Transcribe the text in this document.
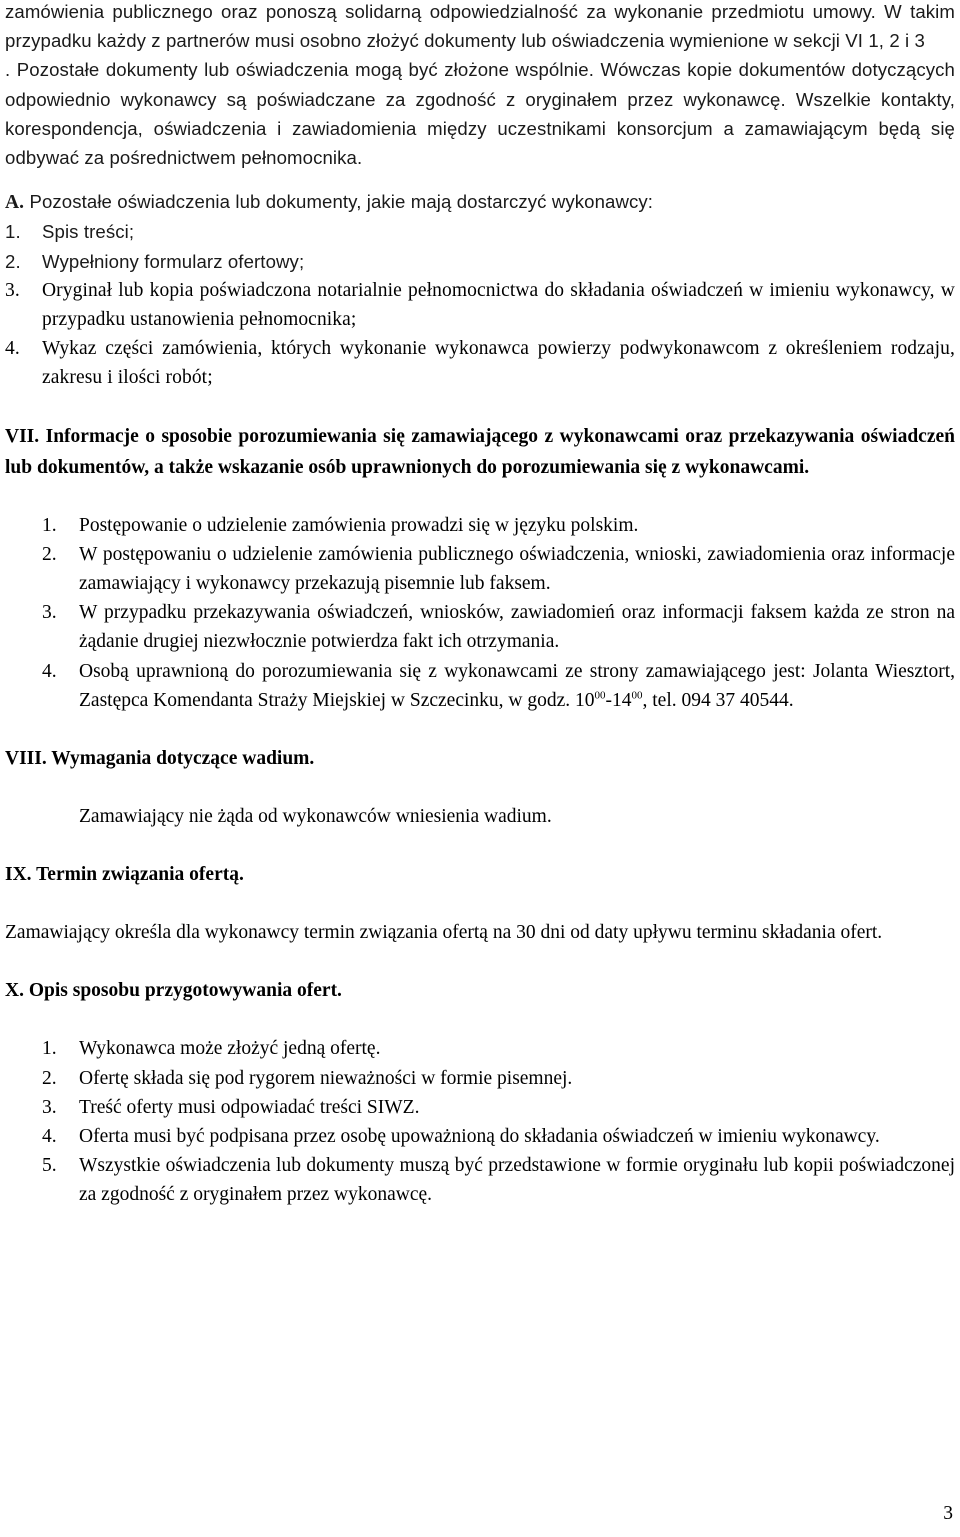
zamówienia publicznego oraz ponoszą solidarną odpowiedzialność za wykonanie przedmiotu umowy. W takim przypadku każdy z partnerów musi osobno złożyć dokumenty lub oświadczenia wymienione w sekcji VI 1, 2 i 3
. Pozostałe dokumenty lub oświadczenia mogą być złożone wspólnie. Wówczas kopie dokumentów dotyczących odpowiednio wykonawcy są poświadczane za zgodność z oryginałem przez wykonawcę. Wszelkie kontakty, korespondencja, oświadczenia i zawiadomienia między uczestnikami konsorcjum a zamawiającym będą się odbywać za pośrednictwem pełnomocnika.

A. Pozostałe oświadczenia lub dokumenty, jakie mają dostarczyć wykonawcy:

1.	Spis treści;
2.	Wypełniony formularz ofertowy;
3.	Oryginał lub kopia poświadczona notarialnie pełnomocnictwa do składania oświadczeń w imieniu wykonawcy, w przypadku ustanowienia pełnomocnika;
4.	Wykaz części zamówienia, których wykonanie wykonawca powierzy podwykonawcom z określeniem rodzaju, zakresu i ilości robót;

VII. Informacje o sposobie porozumiewania się zamawiającego z wykonawcami oraz przekazywania oświadczeń lub dokumentów, a także wskazanie osób uprawnionych do porozumiewania się z wykonawcami.

1.	Postępowanie o udzielenie zamówienia prowadzi się w języku polskim.
2.	W postępowaniu o udzielenie zamówienia publicznego oświadczenia, wnioski, zawiadomienia oraz informacje zamawiający i wykonawcy przekazują pisemnie lub faksem.
3.	W przypadku przekazywania oświadczeń, wniosków, zawiadomień oraz informacji faksem każda ze stron na żądanie drugiej niezwłocznie potwierdza fakt ich otrzymania.
4.	Osobą uprawnioną do porozumiewania się z wykonawcami ze strony zamawiającego jest: Jolanta Wiesztort, Zastępca Komendanta Straży Miejskiej w Szczecinku, w godz. $10^{00}-14^{00}$, tel. 094 37 40544.

VIII. Wymagania dotyczące wadium.

Zamawiający nie żąda od wykonawców wniesienia wadium.

IX. Termin związania ofertą.

Zamawiający określa dla wykonawcy termin związania ofertą na 30 dni od daty upływu terminu składania ofert.

X. Opis sposobu przygotowywania ofert.

1.	Wykonawca może złożyć jedną ofertę.
2.	Ofertę składa się pod rygorem nieważności w formie pisemnej.
3.	Treść oferty musi odpowiadać treści SIWZ.
4.	Oferta musi być podpisana przez osobę upoważnioną do składania oświadczeń w imieniu wykonawcy.
5.	Wszystkie oświadczenia lub dokumenty muszą być przedstawione w formie oryginału lub kopii poświadczonej za zgodność z oryginałem przez wykonawcę.
3
